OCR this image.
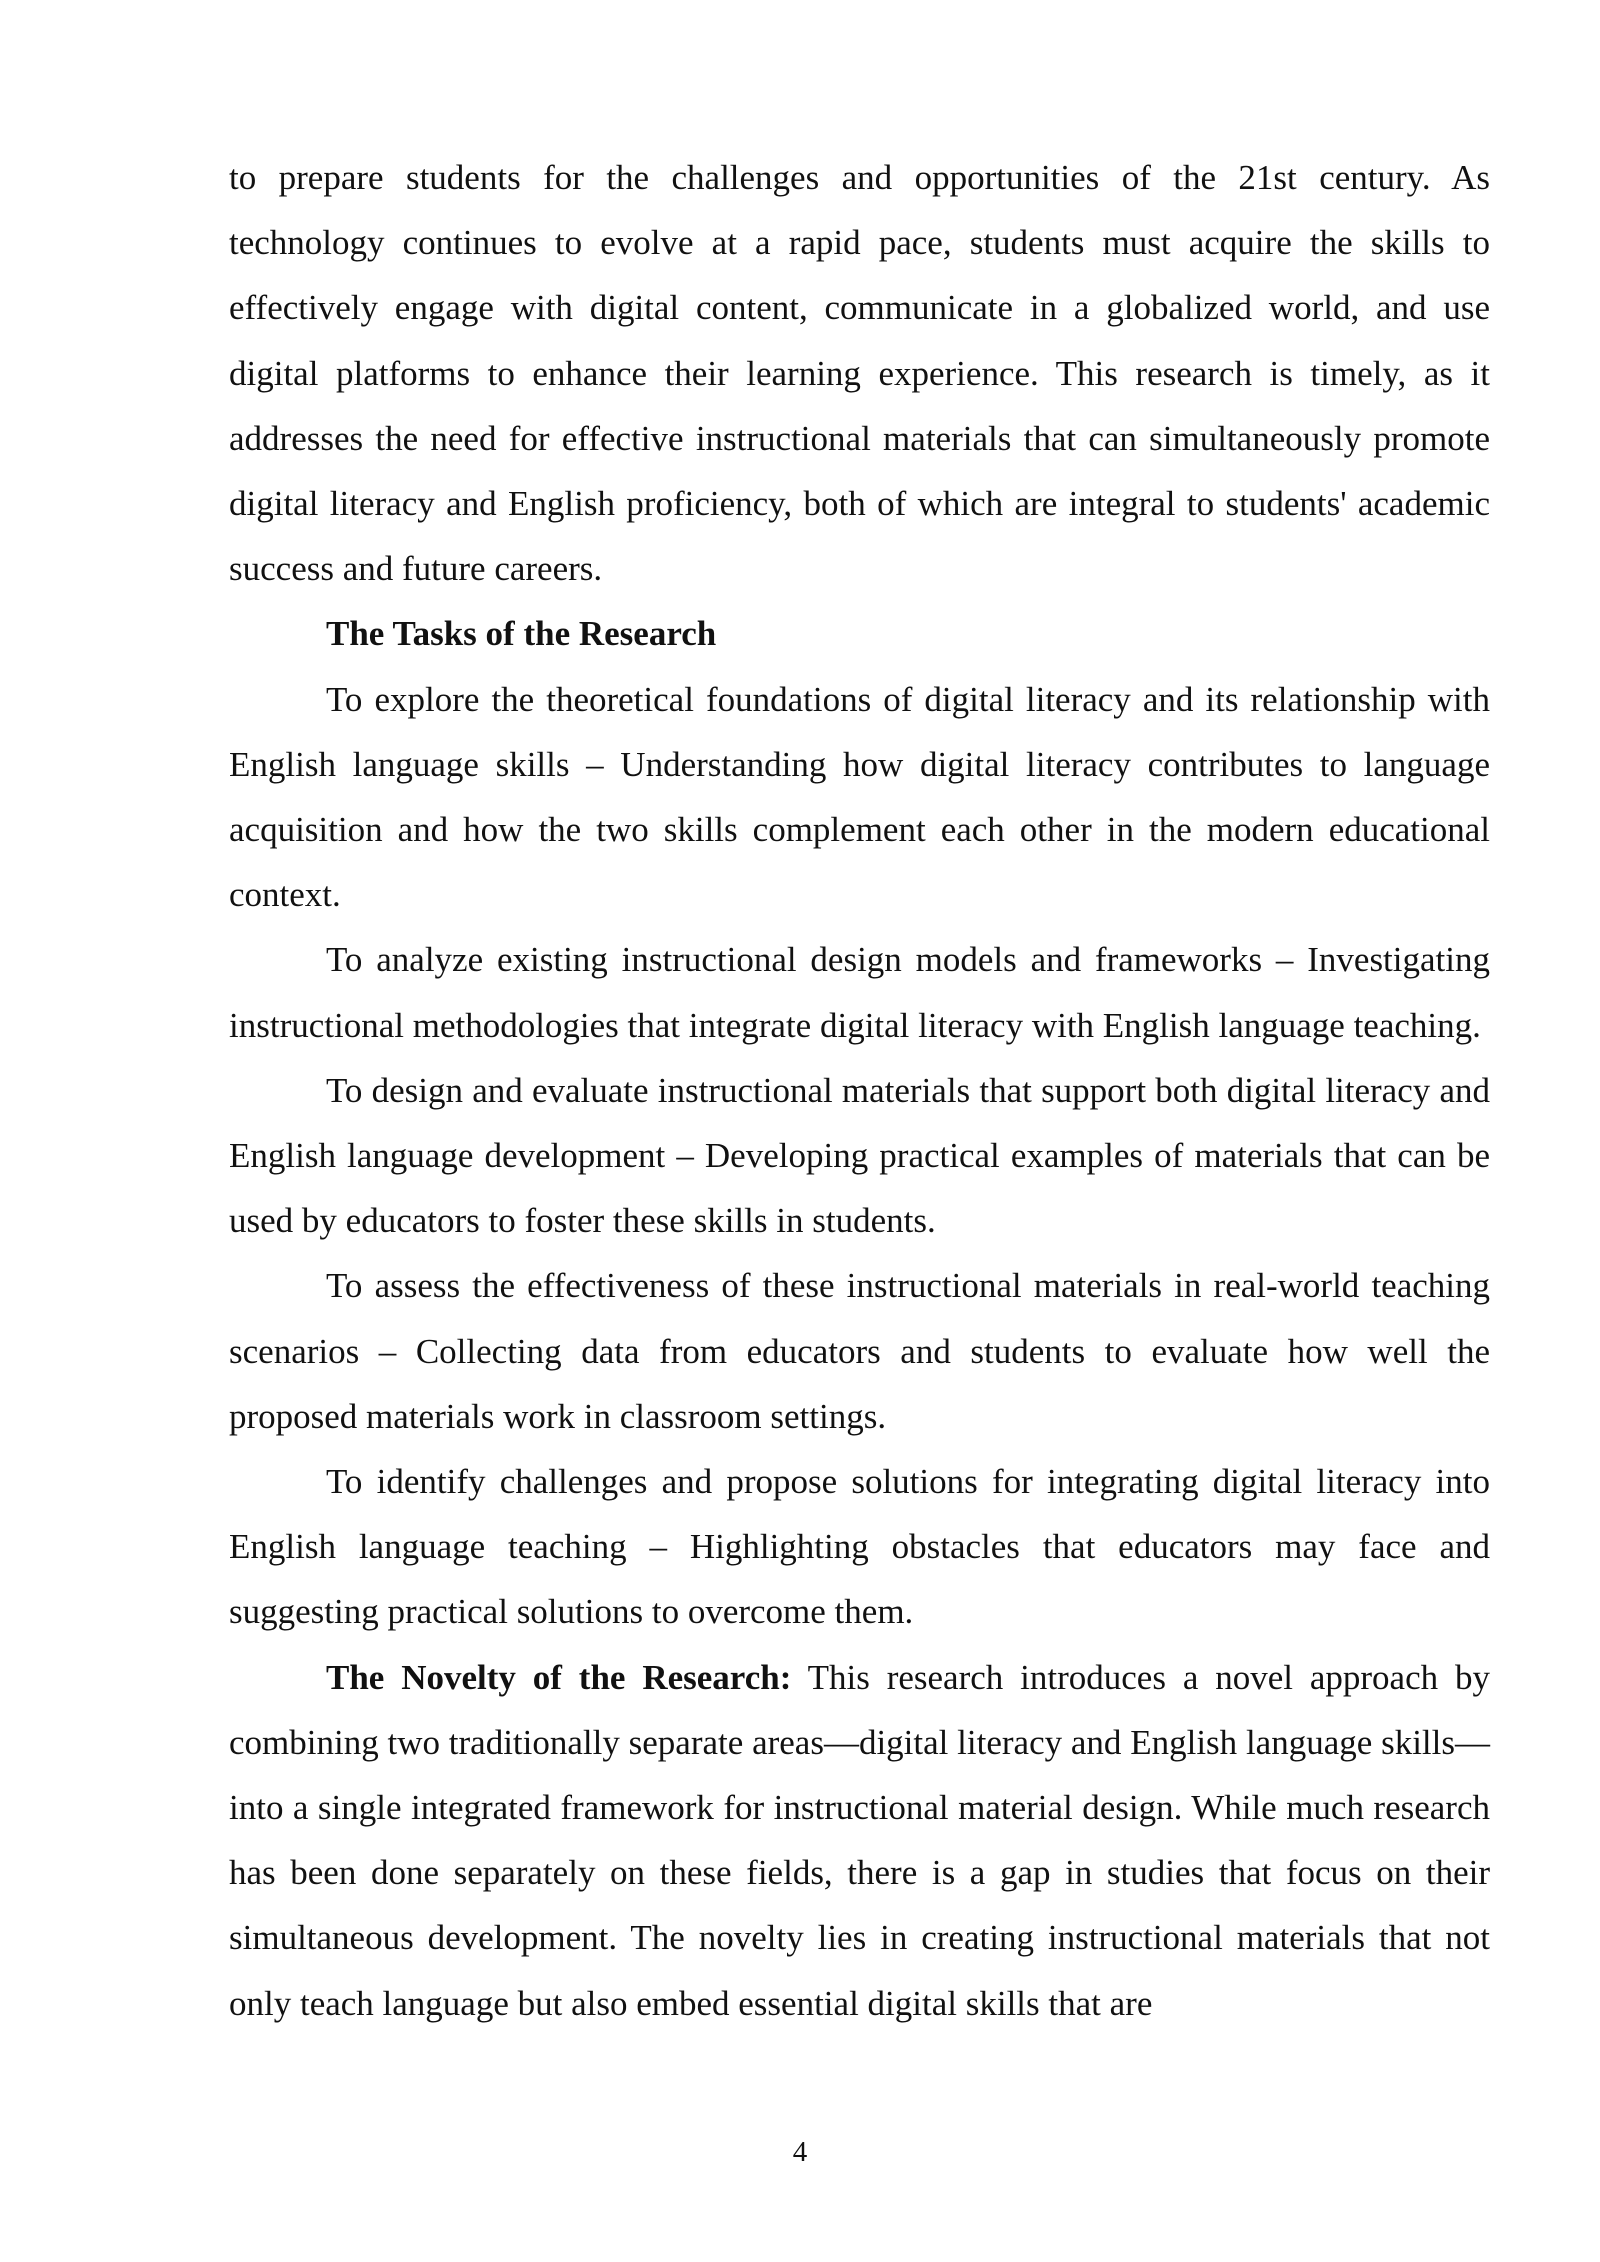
to prepare students for the challenges and opportunities of the 21st century. As technology continues to evolve at a rapid pace, students must acquire the skills to effectively engage with digital content, communicate in a globalized world, and use digital platforms to enhance their learning experience. This research is timely, as it addresses the need for effective instructional materials that can simultaneously promote digital literacy and English proficiency, both of which are integral to students' academic success and future careers.

The Tasks of the Research

To explore the theoretical foundations of digital literacy and its relationship with English language skills – Understanding how digital literacy contributes to language acquisition and how the two skills complement each other in the modern educational context.

To analyze existing instructional design models and frameworks – Investigating instructional methodologies that integrate digital literacy with English language teaching.

To design and evaluate instructional materials that support both digital literacy and English language development – Developing practical examples of materials that can be used by educators to foster these skills in students.

To assess the effectiveness of these instructional materials in real-world teaching scenarios – Collecting data from educators and students to evaluate how well the proposed materials work in classroom settings.

To identify challenges and propose solutions for integrating digital literacy into English language teaching – Highlighting obstacles that educators may face and suggesting practical solutions to overcome them.

The Novelty of the Research: This research introduces a novel approach by combining two traditionally separate areas—digital literacy and English language skills—into a single integrated framework for instructional material design. While much research has been done separately on these fields, there is a gap in studies that focus on their simultaneous development. The novelty lies in creating instructional materials that not only teach language but also embed essential digital skills that are

4
